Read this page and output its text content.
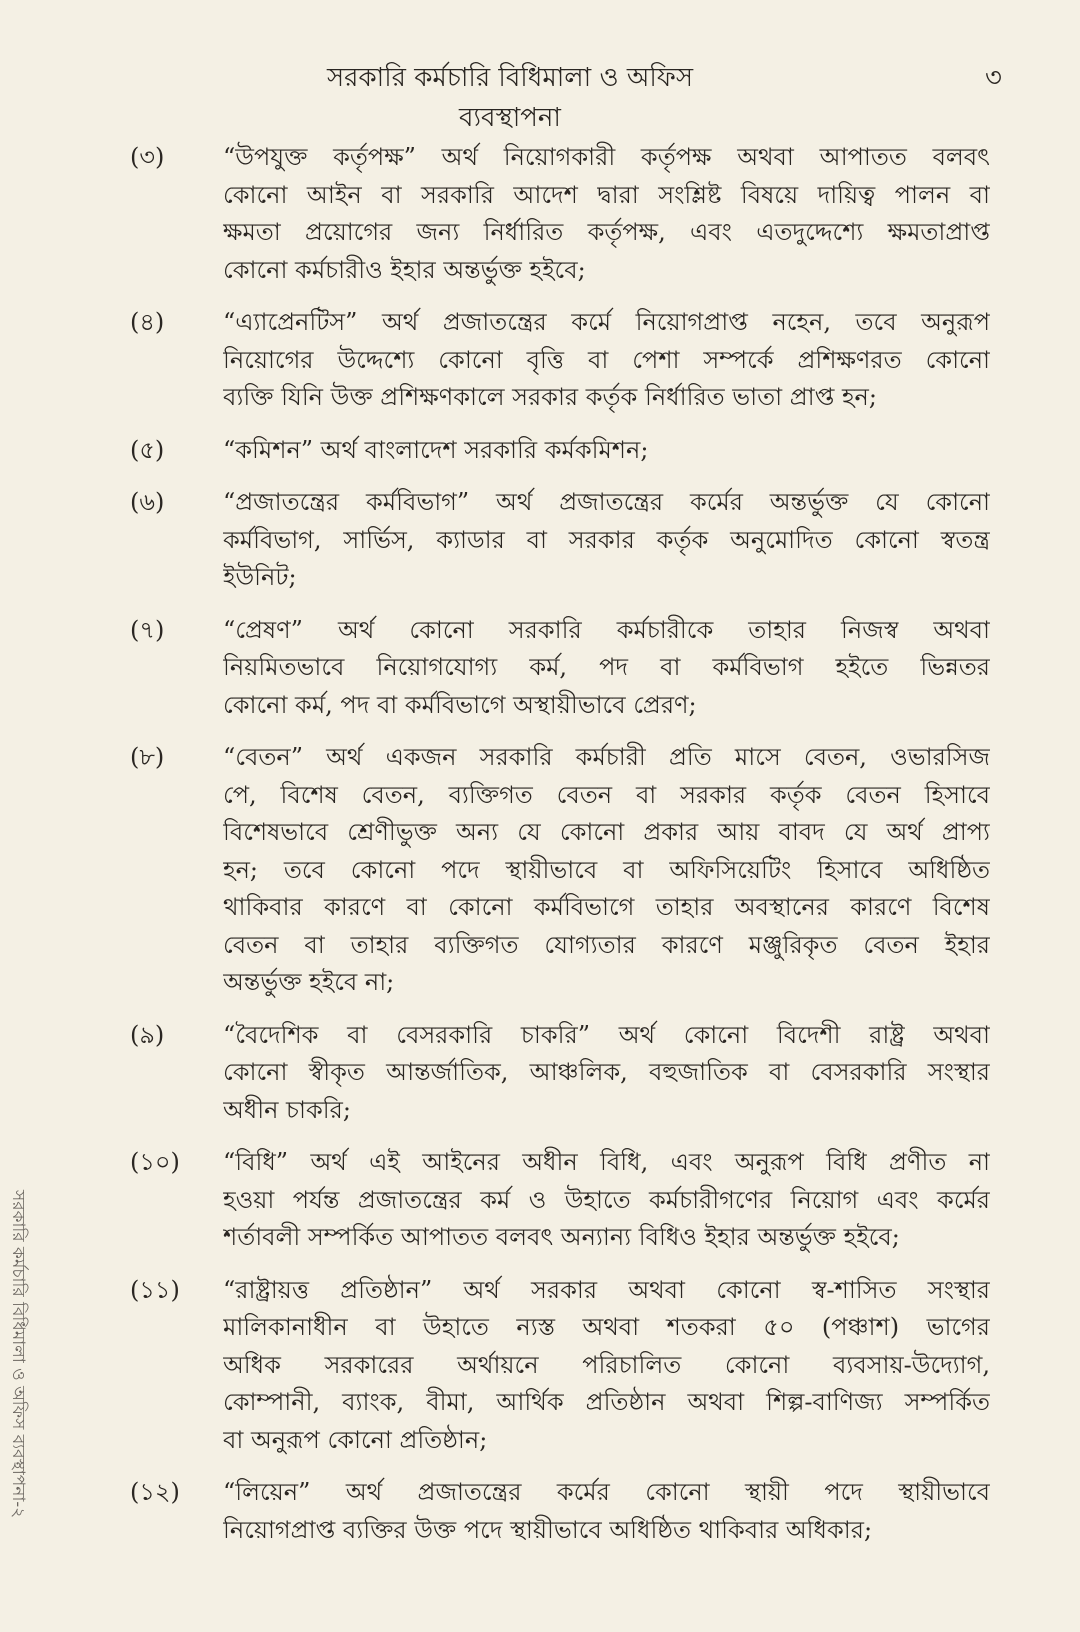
সরকারি কর্মচারি বিধিমালা ও অফিস ব্যবস্থাপনা
৩
সরকারি কর্মচারি বিধিমালা ও অফিস ব্যবস্থাপনা-২
(৩)	“উপযুক্ত কর্তৃপক্ষ” অর্থ নিয়োগকারী কর্তৃপক্ষ অথবা আপাতত বলবৎ
কোনো আইন বা সরকারি আদেশ দ্বারা সংশ্লিষ্ট বিষয়ে দায়িত্ব পালন বা
ক্ষমতা প্রয়োগের জন্য নির্ধারিত কর্তৃপক্ষ, এবং এতদুদ্দেশ্যে ক্ষমতাপ্রাপ্ত
কোনো কর্মচারীও ইহার অন্তর্ভুক্ত হইবে;
(৪)	“এ্যাপ্রেনটিস” অর্থ প্রজাতন্ত্রের কর্মে নিয়োগপ্রাপ্ত নহেন, তবে অনুরূপ
নিয়োগের উদ্দেশ্যে কোনো বৃত্তি বা পেশা সম্পর্কে প্রশিক্ষণরত কোনো
ব্যক্তি যিনি উক্ত প্রশিক্ষণকালে সরকার কর্তৃক নির্ধারিত ভাতা প্রাপ্ত হন;
(৫)	“কমিশন” অর্থ বাংলাদেশ সরকারি কর্মকমিশন;
(৬)	“প্রজাতন্ত্রের কর্মবিভাগ” অর্থ প্রজাতন্ত্রের কর্মের অন্তর্ভুক্ত যে কোনো
কর্মবিভাগ, সার্ভিস, ক্যাডার বা সরকার কর্তৃক অনুমোদিত কোনো স্বতন্ত্র
ইউনিট;
(৭)	“প্রেষণ” অর্থ কোনো সরকারি কর্মচারীকে তাহার নিজস্ব অথবা
নিয়মিতভাবে নিয়োগযোগ্য কর্ম, পদ বা কর্মবিভাগ হইতে ভিন্নতর
কোনো কর্ম, পদ বা কর্মবিভাগে অস্থায়ীভাবে প্রেরণ;
(৮)	“বেতন” অর্থ একজন সরকারি কর্মচারী প্রতি মাসে বেতন, ওভারসিজ
পে, বিশেষ বেতন, ব্যক্তিগত বেতন বা সরকার কর্তৃক বেতন হিসাবে
বিশেষভাবে শ্রেণীভুক্ত অন্য যে কোনো প্রকার আয় বাবদ যে অর্থ প্রাপ্য
হন; তবে কোনো পদে স্থায়ীভাবে বা অফিসিয়েটিং হিসাবে অধিষ্ঠিত
থাকিবার কারণে বা কোনো কর্মবিভাগে তাহার অবস্থানের কারণে বিশেষ
বেতন বা তাহার ব্যক্তিগত যোগ্যতার কারণে মঞ্জুরিকৃত বেতন ইহার
অন্তর্ভুক্ত হইবে না;
(৯)	“বৈদেশিক বা বেসরকারি চাকরি” অর্থ কোনো বিদেশী রাষ্ট্র অথবা
কোনো স্বীকৃত আন্তর্জাতিক, আঞ্চলিক, বহুজাতিক বা বেসরকারি সংস্থার
অধীন চাকরি;
(১০)	“বিধি” অর্থ এই আইনের অধীন বিধি, এবং অনুরূপ বিধি প্রণীত না
হওয়া পর্যন্ত প্রজাতন্ত্রের কর্ম ও উহাতে কর্মচারীগণের নিয়োগ এবং কর্মের
শর্তাবলী সম্পর্কিত আপাতত বলবৎ অন্যান্য বিধিও ইহার অন্তর্ভুক্ত হইবে;
(১১)	“রাষ্ট্রায়ত্ত প্রতিষ্ঠান” অর্থ সরকার অথবা কোনো স্ব-শাসিত সংস্থার
মালিকানাধীন বা উহাতে ন্যস্ত অথবা শতকরা ৫০ (পঞ্চাশ) ভাগের
অধিক সরকারের অর্থায়নে পরিচালিত কোনো ব্যবসায়-উদ্যোগ,
কোম্পানী, ব্যাংক, বীমা, আর্থিক প্রতিষ্ঠান অথবা শিল্প-বাণিজ্য সম্পর্কিত
বা অনুরূপ কোনো প্রতিষ্ঠান;
(১২)	“লিয়েন” অর্থ প্রজাতন্ত্রের কর্মের কোনো স্থায়ী পদে স্থায়ীভাবে
নিয়োগপ্রাপ্ত ব্যক্তির উক্ত পদে স্থায়ীভাবে অধিষ্ঠিত থাকিবার অধিকার;
